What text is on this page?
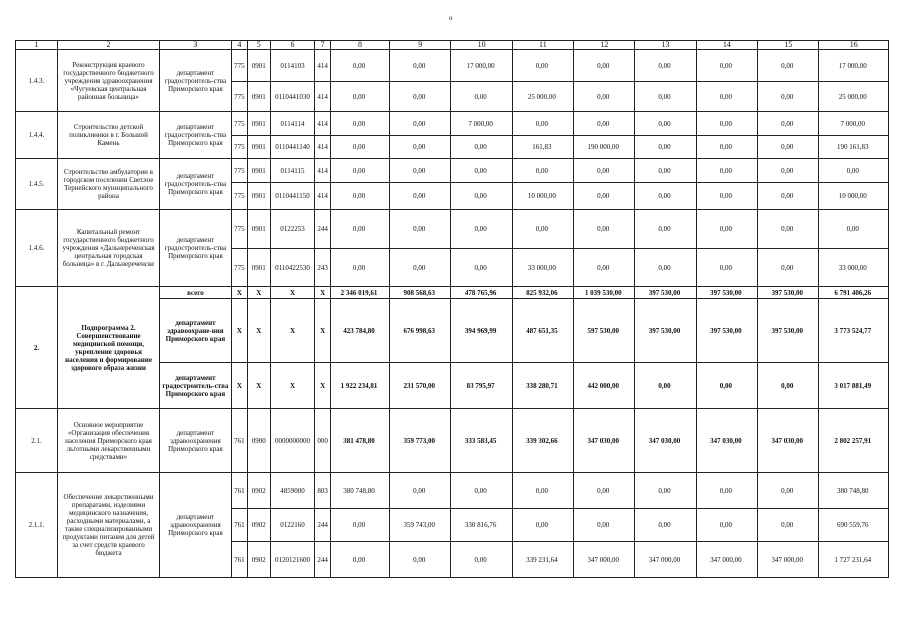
o
1	2	3	4	5	6	7	8	9	10	11	12	13	14	15	16
1.4.3.	Реконструкция краевого государственного бюджетного учреждения здравоохранения «Чугуевская центральная районная больница»	департамент градостроитель-ства Приморского края	775	0901	0114103	414	0,00	0,00	17 000,00	0,00	0,00	0,00	0,00	0,00	17 000,00
			775	0901	0110441030	414	0,00	0,00	0,00	25 000,00	0,00	0,00	0,00	0,00	25 000,00
1.4.4.	Строительство детской поликлиники в г. Большой Камень	департамент градостроитель-ства Приморского края	775	0901	0114114	414	0,00	0,00	7 000,00	0,00	0,00	0,00	0,00	0,00	7 000,00
			775	0901	0110441140	414	0,00	0,00	0,00	161,83	190 000,00	0,00	0,00	0,00	190 161,83
1.4.5.	Строительство амбулатории в городском поселении Светлое Тернейского муниципального района	департамент градостроитель-ства Приморского края	775	0901	0114115	414	0,00	0,00	0,00	0,00	0,00	0,00	0,00	0,00	0,00
			775	0901	0110441150	414	0,00	0,00	0,00	10 000,00	0,00	0,00	0,00	0,00	10 000,00
1.4.6.	Капитальный ремонт государственного бюджетного учреждения «Дальнереченская центральная городская больница» в г. Дальнереченске	департамент градостроитель-ства Приморского края	775	0901	0122253	244	0,00	0,00	0,00	0,00	0,00	0,00	0,00	0,00	0,00
			775	0901	0110422530	243	0,00	0,00	0,00	33 000,00	0,00	0,00	0,00	0,00	33 000,00
2.	Подпрограмма 2. Совершенствование медицинской помощи, укрепление здоровья населения и формирование здорового образа жизни	всего	X	X	X	X	2 346 019,61	908 568,63	478 765,96	825 932,06	1 039 530,00	397 530,00	397 530,00	397 530,00	6 791 406,26
		департамент здравоохране-ния Приморского края	X	X	X	X	423 784,80	676 998,63	394 969,99	487 651,35	597 530,00	397 530,00	397 530,00	397 530,00	3 773 524,77
		департамент градостроитель-ства Приморского края	X	X	X	X	1 922 234,81	231 570,00	83 795,97	338 280,71	442 000,00	0,00	0,00	0,00	3 017 881,49
2.1.	Основное мероприятие «Организация обеспечения населения Приморского края льготными лекарственными средствами»	департамент здравоохранения Приморского края	761	0900	0000000000	000	381 478,80	359 773,00	333 583,45	339 302,66	347 030,00	347 030,00	347 030,00	347 030,00	2 802 257,91
2.1.1.	Обеспечение лекарственными препаратами, изделиями медицинского назначения, расходными материалами, а также специализированными продуктами питания для детей за счет средств краевого бюджета	департамент здравоохранения Приморского края	761	0902	4859000	803	380 748,80	0,00	0,00	0,00	0,00	0,00	0,00	0,00	380 748,80
			761	0902	0122160	244	0,00	359 743,00	330 816,76	0,00	0,00	0,00	0,00	0,00	690 559,76
			761	0902	0120121600	244	0,00	0,00	0,00	339 231,64	347 000,00	347 000,00	347 000,00	347 000,00	1 727 231,64
